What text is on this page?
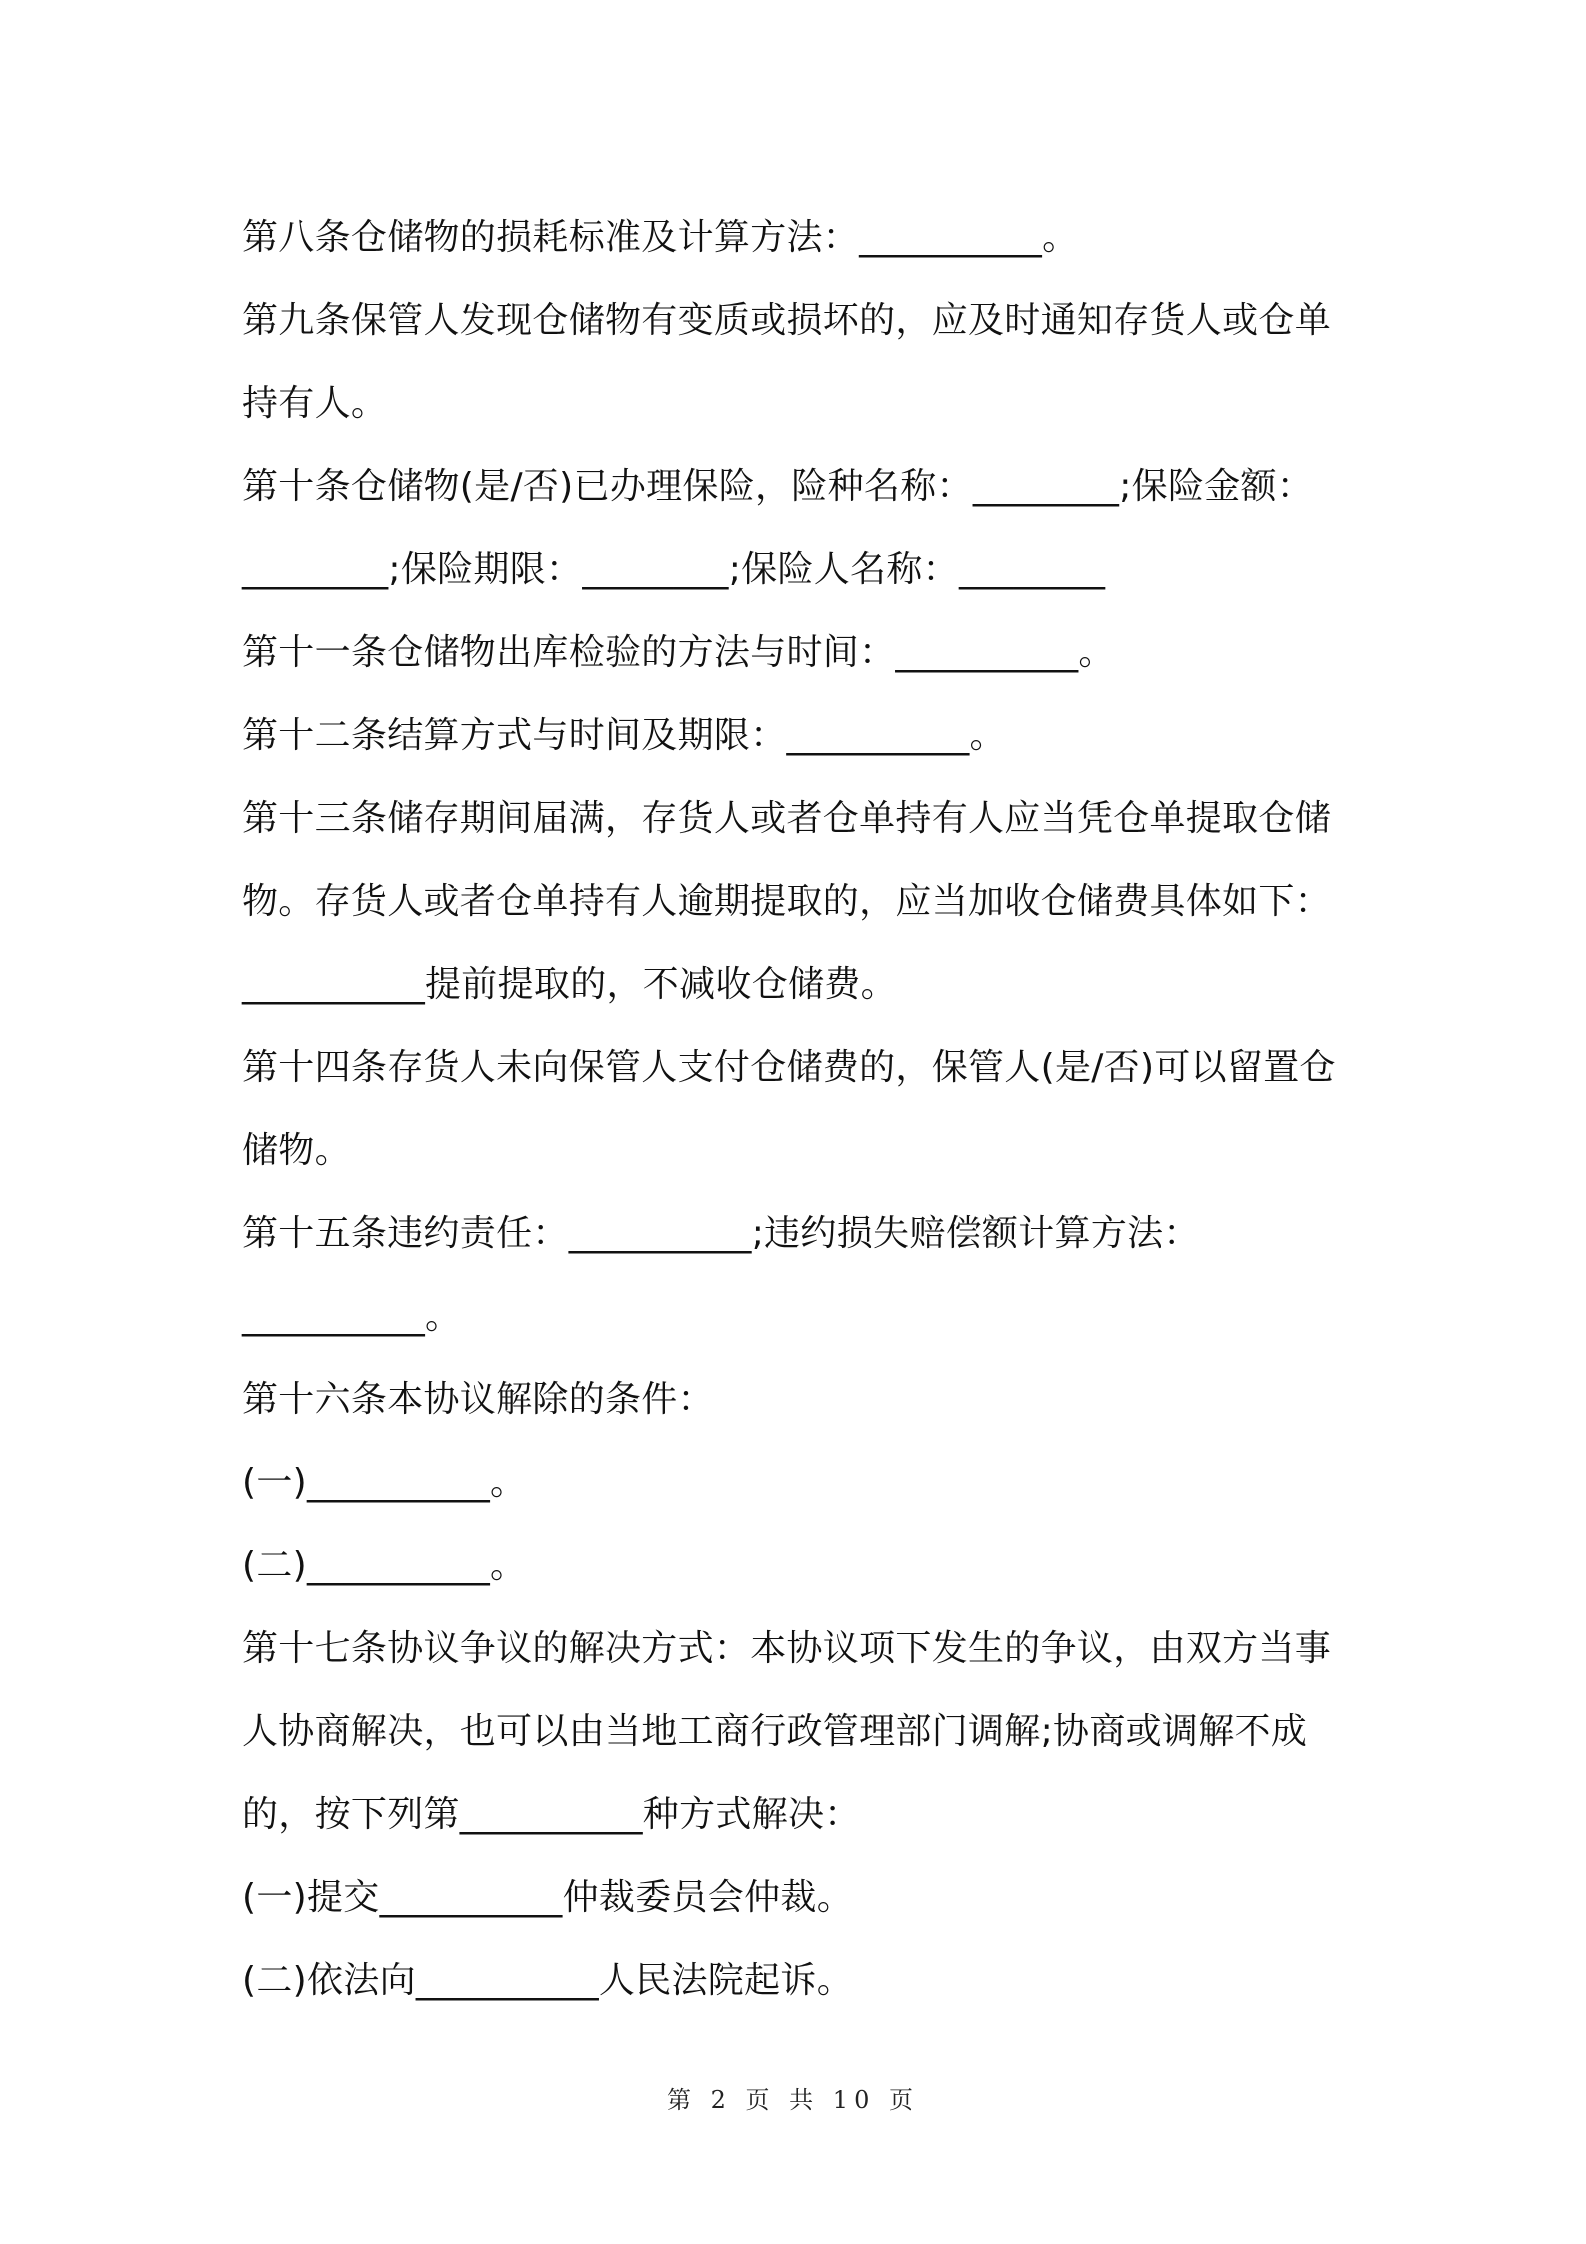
第八条仓储物的损耗标准及计算方法：__________。

第九条保管人发现仓储物有变质或损坏的，应及时通知存货人或仓单持有人。

第十条仓储物(是/否)已办理保险，险种名称：________;保险金额：________;保险期限：________;保险人名称：________

第十一条仓储物出库检验的方法与时间：__________。

第十二条结算方式与时间及期限：__________。

第十三条储存期间届满，存货人或者仓单持有人应当凭仓单提取仓储物。存货人或者仓单持有人逾期提取的，应当加收仓储费具体如下：__________提前提取的，不减收仓储费。

第十四条存货人未向保管人支付仓储费的，保管人(是/否)可以留置仓储物。

第十五条违约责任：__________;违约损失赔偿额计算方法：__________。

第十六条本协议解除的条件：

(一)__________。

(二)__________。

第十七条协议争议的解决方式：本协议项下发生的争议，由双方当事人协商解决，也可以由当地工商行政管理部门调解;协商或调解不成的，按下列第__________种方式解决：

(一)提交__________仲裁委员会仲裁。

(二)依法向__________人民法院起诉。

第 2 页 共 10 页
